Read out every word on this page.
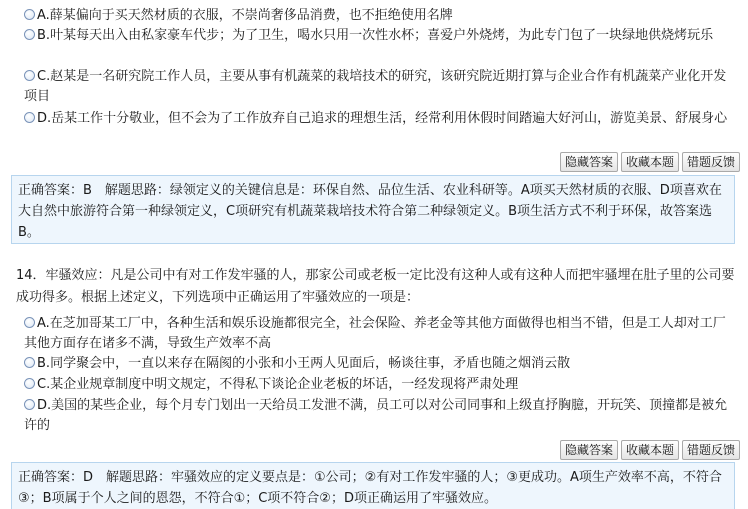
A.薛某偏向于买天然材质的衣服，不崇尚奢侈品消费，也不拒绝使用名牌
B.叶某每天出入由私家豪车代步；为了卫生，喝水只用一次性水杯；喜爱户外烧烤，为此专门包了一块绿地供烧烤玩乐
C.赵某是一名研究院工作人员，主要从事有机蔬菜的栽培技术的研究，该研究院近期打算与企业合作有机蔬菜产业化开发项目
D.岳某工作十分敬业，但不会为了工作放弃自己追求的理想生活，经常利用休假时间踏遍大好河山，游览美景、舒展身心
隐藏答案	收藏本题	错题反馈
正确答案：B　解题思路：绿领定义的关键信息是：环保自然、品位生活、农业科研等。A项买天然材质的衣服、D项喜欢在大自然中旅游符合第一种绿领定义，C项研究有机蔬菜栽培技术符合第二种绿领定义。B项生活方式不利于环保，故答案选B。
14．牢骚效应：凡是公司中有对工作发牢骚的人，那家公司或老板一定比没有这种人或有这种人而把牢骚埋在肚子里的公司要成功得多。根据上述定义，下列选项中正确运用了牢骚效应的一项是：
A.在芝加哥某工厂中，各种生活和娱乐设施都很完全，社会保险、养老金等其他方面做得也相当不错，但是工人却对工厂其他方面存在诸多不满，导致生产效率不高
B.同学聚会中，一直以来存在隔阂的小张和小王两人见面后，畅谈往事，矛盾也随之烟消云散
C.某企业规章制度中明文规定，不得私下谈论企业老板的坏话，一经发现将严肃处理
D.美国的某些企业，每个月专门划出一天给员工发泄不满，员工可以对公司同事和上级直抒胸臆，开玩笑、顶撞都是被允许的
隐藏答案	收藏本题	错题反馈
正确答案：D　解题思路：牢骚效应的定义要点是：①公司；②有对工作发牢骚的人；③更成功。A项生产效率不高，不符合③；B项属于个人之间的恩怨，不符合①；C项不符合②；D项正确运用了牢骚效应。
